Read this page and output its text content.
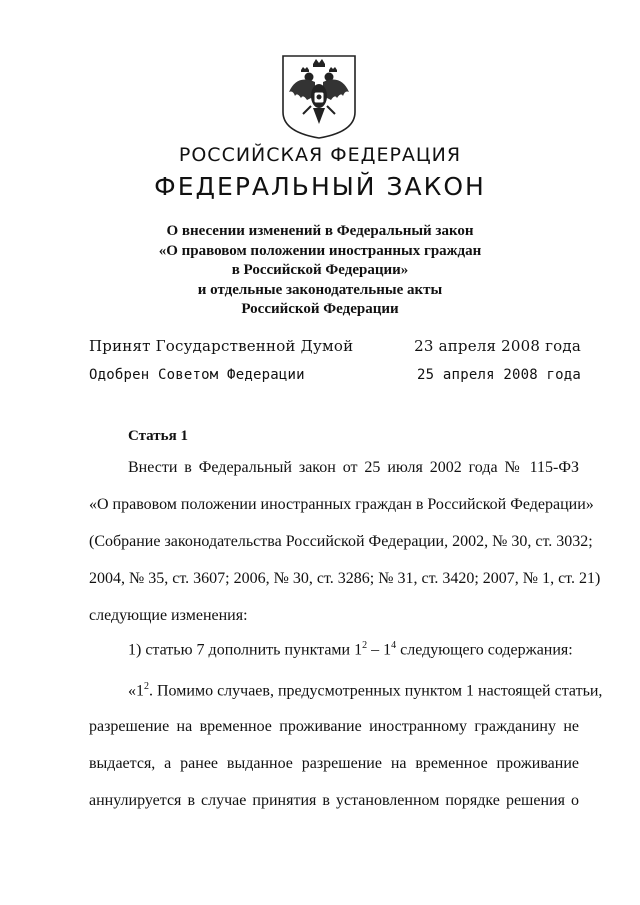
РОССИЙСКАЯ ФЕДЕРАЦИЯ
ФЕДЕРАЛЬНЫЙ ЗАКОН
О внесении изменений в Федеральный закон
«О правовом положении иностранных граждан
в Российской Федерации»
и отдельные законодательные акты
Российской Федерации
Принят Государственной Думой	23 апреля 2008 года
Одобрен Советом Федерации	25 апреля 2008 года
Статья 1
Внести в Федеральный закон от 25 июля 2002 года № 115-ФЗ
«О правовом положении иностранных граждан в Российской Федерации»
(Собрание законодательства Российской Федерации, 2002, № 30, ст. 3032;
2004, № 35, ст. 3607; 2006, № 30, ст. 3286; № 31, ст. 3420; 2007, № 1, ст. 21)
следующие изменения:
1) статью 7 дополнить пунктами $1^2 - 1^4$ следующего содержания:
«$1^2$. Помимо случаев, предусмотренных пунктом 1 настоящей статьи,
разрешение на временное проживание иностранному гражданину не
выдается, а ранее выданное разрешение на временное проживание
аннулируется в случае принятия в установленном порядке решения о
